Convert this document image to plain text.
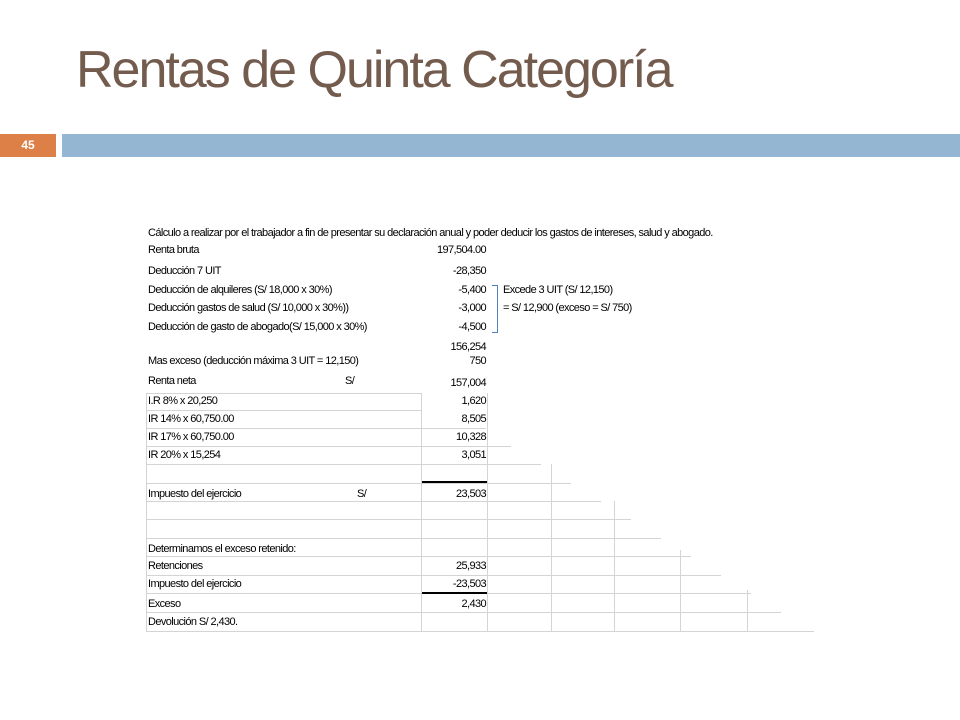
Rentas de Quinta Categoría
45
Cálculo a realizar por el trabajador a fin de presentar su declaración anual y poder deducir los gastos de intereses, salud y abogado.
Renta bruta	197,504.00
Deducción 7 UIT	-28,350
Deducción de alquileres (S/ 18,000 x 30%)	-5,400
Deducción gastos de salud (S/ 10,000 x 30%))	-3,000
Deducción de gasto de abogado(S/ 15,000 x 30%)	-4,500
Excede 3 UIT (S/ 12,150)
= S/ 12,900 (exceso = S/ 750)
156,254
Mas exceso (deducción máxima 3 UIT = 12,150)	750
Renta neta	S/	157,004
I.R 8% x 20,250	1,620
IR 14% x 60,750.00	8,505
IR 17% x 60,750.00	10,328
IR 20% x 15,254	3,051
Impuesto del ejercicio	S/	23,503
Determinamos el exceso retenido:
Retenciones	25,933
Impuesto del ejercicio	-23,503
Exceso	2,430
Devolución S/ 2,430.
